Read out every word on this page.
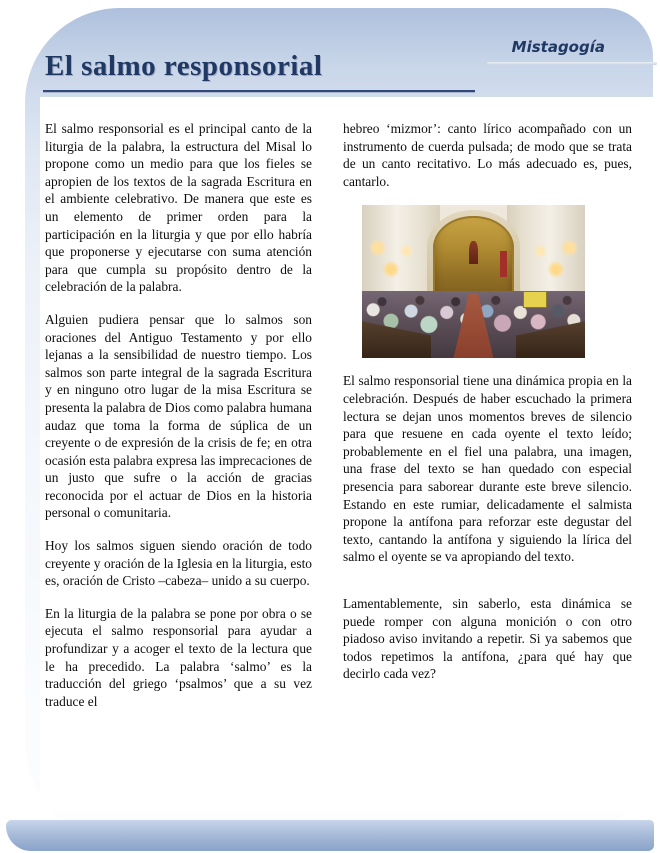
El salmo responsorial

Mistagogía

El salmo responsorial es el principal canto de la liturgia de la palabra, la estructura del Misal lo propone como un medio para que los fieles se apropien de los textos de la sagrada Escritura en el ambiente celebrativo. De manera que este es un elemento de primer orden para la participación en la liturgia y que por ello habría que proponerse y ejecutarse con suma atención para que cumpla su propósito dentro de la celebración de la palabra.

Alguien pudiera pensar que lo salmos son oraciones del Antiguo Testamento y por ello lejanas a la sensibilidad de nuestro tiempo. Los salmos son parte integral de la sagrada Escritura y en ninguno otro lugar de la misa Escritura se presenta la palabra de Dios como palabra humana audaz que toma la forma de súplica de un creyente o de expresión de la crisis de fe; en otra ocasión esta palabra expresa las imprecaciones de un justo que sufre o la acción de gracias reconocida por el actuar de Dios en la historia personal o comunitaria.

Hoy los salmos siguen siendo oración de todo creyente y oración de la Iglesia en la liturgia, esto es, oración de Cristo –cabeza– unido a su cuerpo.

En la liturgia de la palabra se pone por obra o se ejecuta el salmo responsorial para ayudar a profundizar y a acoger el texto de la lectura que le ha precedido. La palabra ‘salmo’ es la traducción del griego ‘psalmos’ que a su vez traduce el

hebreo ‘mizmor’: canto lírico acompañado con un instrumento de cuerda pulsada; de modo que se trata de un canto recitativo. Lo más adecuado es, pues, cantarlo.

El salmo responsorial tiene una dinámica propia en la celebración. Después de haber escuchado la primera lectura se dejan unos momentos breves de silencio para que resuene en cada oyente el texto leído; probablemente en el fiel una palabra, una imagen, una frase del texto se han quedado con especial presencia para saborear durante este breve silencio. Estando en este rumiar, delicadamente el salmista propone la antífona para reforzar este degustar del texto, cantando la antífona y siguiendo la lírica del salmo el oyente se va apropiando del texto.

Lamentablemente, sin saberlo, esta dinámica se puede romper con alguna monición o con otro piadoso aviso invitando a repetir. Si ya sabemos que todos repetimos la antífona, ¿para qué hay que decirlo cada vez?
